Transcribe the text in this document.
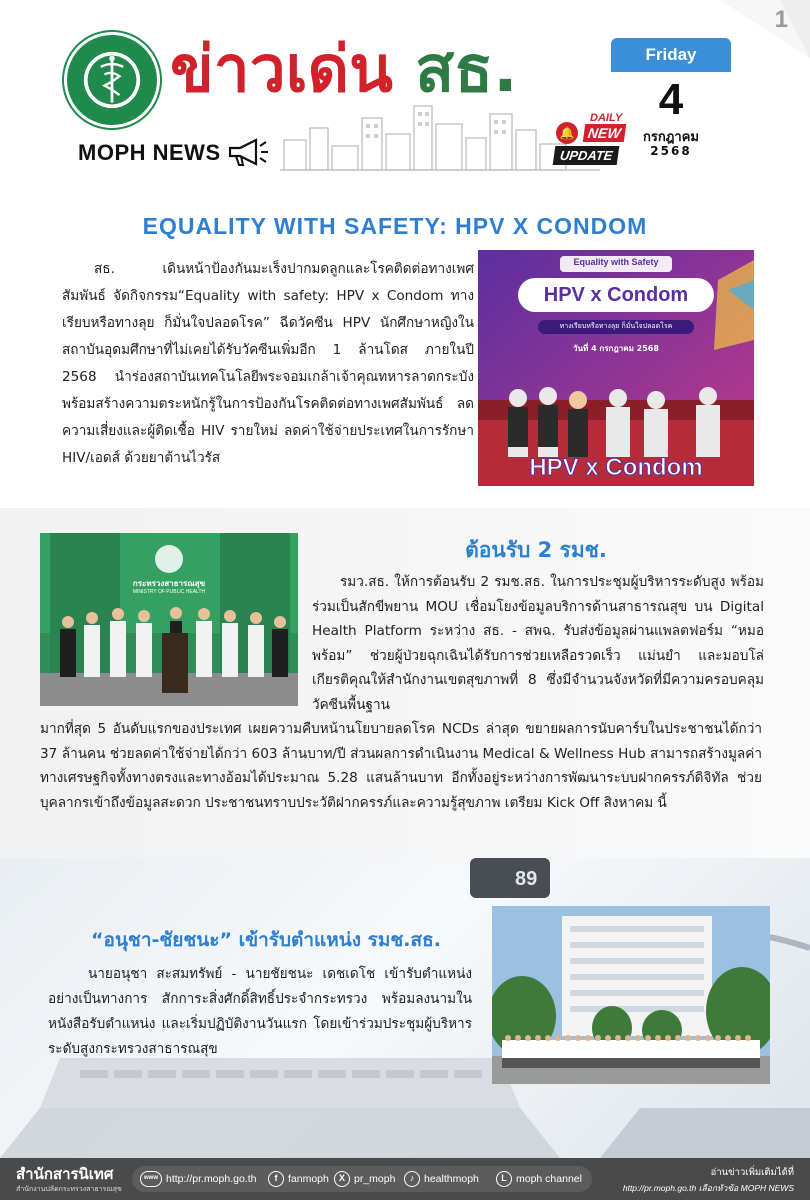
ข่าวเด่น สธ.
MOPH NEWS
🔔
DAILY
NEW
UPDATE
Friday
4
กรกฎาคม
2568
1
EQUALITY WITH SAFETY: HPV X CONDOM
สธ. เดินหน้าป้องกันมะเร็งปากมดลูกและโรคติดต่อทางเพศสัมพันธ์ จัดกิจกรรม“Equality with safety: HPV x Condom ทางเรียบหรือทางลุย ก็มั่นใจปลอดโรค” ฉีดวัคซีน HPV นักศึกษาหญิงในสถาบันอุดมศึกษาที่ไม่เคยได้รับวัคซีนเพิ่มอีก 1 ล้านโดส ภายในปี 2568 นำร่องสถาบันเทคโนโลยีพระจอมเกล้าเจ้าคุณทหารลาดกระบัง พร้อมสร้างความตระหนักรู้ในการป้องกันโรคติดต่อทางเพศสัมพันธ์ ลดความเสี่ยงและผู้ติดเชื้อ HIV รายใหม่ ลดค่าใช้จ่ายประเทศในการรักษา HIV/เอดส์ ด้วยยาต้านไวรัส
Equality with Safety
HPV x Condom
ทางเรียบหรือทางลุย ก็มั่นใจปลอดโรค
วันที่ 4 กรกฎาคม 2568
HPV x Condom
กระทรวงสาธารณสุข
MINISTRY OF PUBLIC HEALTH
ต้อนรับ 2 รมช.
รมว.สธ. ให้การต้อนรับ 2 รมช.สธ. ในการประชุมผู้บริหารระดับสูง พร้อมร่วมเป็นสักขีพยาน MOU เชื่อมโยงข้อมูลบริการด้านสาธารณสุข บน Digital Health Platform ระหว่าง สธ. - สพฉ. รับส่งข้อมูลผ่านแพลตฟอร์ม “หมอพร้อม” ช่วยผู้ป่วยฉุกเฉินได้รับการช่วยเหลือรวดเร็ว แม่นยำ และมอบโล่เกียรติคุณให้สำนักงานเขตสุขภาพที่ 8 ซึ่งมีจำนวนจังหวัดที่มีความครอบคลุมวัคซีนพื้นฐาน
มากที่สุด 5 อันดับแรกของประเทศ เผยความคืบหน้านโยบายลดโรค NCDs ล่าสุด ขยายผลการนับคาร์บในประชาชนได้กว่า 37 ล้านคน ช่วยลดค่าใช้จ่ายได้กว่า 603 ล้านบาท/ปี ส่วนผลการดำเนินงาน Medical & Wellness Hub สามารถสร้างมูลค่าทางเศรษฐกิจทั้งทางตรงและทางอ้อมได้ประมาณ 5.28 แสนล้านบาท อีกทั้งอยู่ระหว่างการพัฒนาระบบฝากครรภ์ดิจิทัล ช่วยบุคลากรเข้าถึงข้อมูลสะดวก ประชาชนทราบประวัติฝากครรภ์และความรู้สุขภาพ เตรียม Kick Off สิงหาคม นี้
89
“อนุชา-ชัยชนะ” เข้ารับตำแหน่ง รมช.สธ.
นายอนุชา สะสมทรัพย์ - นายชัยชนะ เดชเดโช เข้ารับตำแหน่งอย่างเป็นทางการ สักการะสิ่งศักดิ์สิทธิ์ประจำกระทรวง พร้อมลงนามในหนังสือรับตำแหน่ง และเริ่มปฏิบัติงานวันแรก โดยเข้าร่วมประชุมผู้บริหารระดับสูงกระทรวงสาธารณสุข
สำนักสารนิเทศ
สำนักงานปลัดกระทรวงสาธารณสุข
www http://pr.moph.go.th	f	fanmoph	X pr_moph	♪ healthmoph	L moph channel
อ่านข่าวเพิ่มเติมได้ที่
http://pr.moph.go.th เลือกหัวข้อ MOPH NEWS
